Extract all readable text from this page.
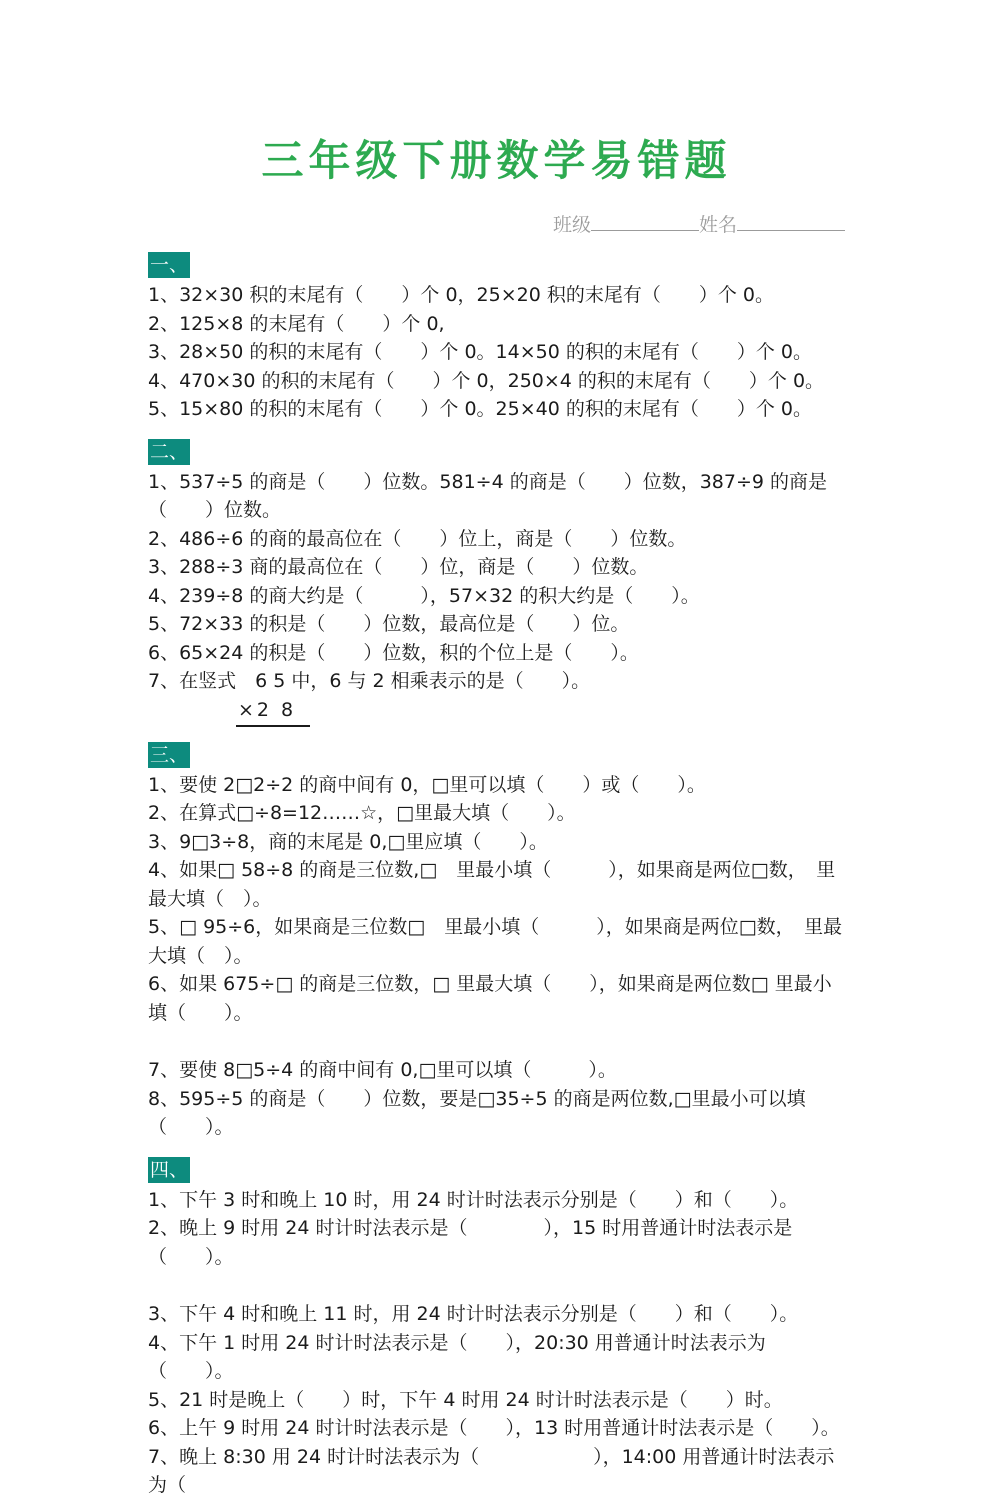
三年级下册数学易错题
班级	姓名
一、
1、32×30 积的末尾有（　　）个 0，25×20 积的末尾有（　　）个 0。
2、125×8 的末尾有（　　）个 0,
3、28×50 的积的末尾有（　　）个 0。14×50 的积的末尾有（　　）个 0。
4、470×30 的积的末尾有（　　）个 0，250×4 的积的末尾有（　　）个 0。
5、15×80 的积的末尾有（　　）个 0。25×40 的积的末尾有（　　）个 0。
二、
1、537÷5 的商是（　　）位数。581÷4 的商是（　　）位数，387÷9 的商是（　　）位数。
2、486÷6 的商的最高位在（　　）位上，商是（　　）位数。
3、288÷3 商的最高位在（　　）位，商是（　　）位数。
4、239÷8 的商大约是（　　　），57×32 的积大约是（　　）。
5、72×33 的积是（　　）位数，最高位是（　　）位。
6、65×24 的积是（　　）位数，积的个位上是（　　）。
7、在竖式　6 5 中，6 与 2 相乘表示的是（　　）。
×2 8
三、
1、要使 2□2÷2 的商中间有 0，□里可以填（　　）或（　　）。
2、在算式□÷8=12……☆，□里最大填（　　）。
3、9□3÷8，商的末尾是 0,□里应填（　　）。
4、如果□ 58÷8 的商是三位数,□　里最小填（　　　），如果商是两位□数，　里最大填（　）。
5、□ 95÷6，如果商是三位数□　里最小填（　　　），如果商是两位□数，　里最大填（　）。
6、如果 675÷□ 的商是三位数，□ 里最大填（　　），如果商是两位数□ 里最小填（　　）。
7、要使 8□5÷4 的商中间有 0,□里可以填（　　　）。
8、595÷5 的商是（　　）位数，要是□35÷5 的商是两位数,□里最小可以填（　　）。
四、
1、下午 3 时和晚上 10 时，用 24 时计时法表示分别是（　　）和（　　）。
2、晚上 9 时用 24 时计时法表示是（　　　　），15 时用普通计时法表示是（　　）。
3、下午 4 时和晚上 11 时，用 24 时计时法表示分别是（　　）和（　　）。
4、下午 1 时用 24 时计时法表示是（　　），20:30 用普通计时法表示为（　　）。
5、21 时是晚上（　　）时，下午 4 时用 24 时计时法表示是（　　）时。
6、上午 9 时用 24 时计时法表示是（　　），13 时用普通计时法表示是（　　）。
7、晚上 8:30 用 24 时计时法表示为（　　　　　　），14:00 用普通计时法表示为（
